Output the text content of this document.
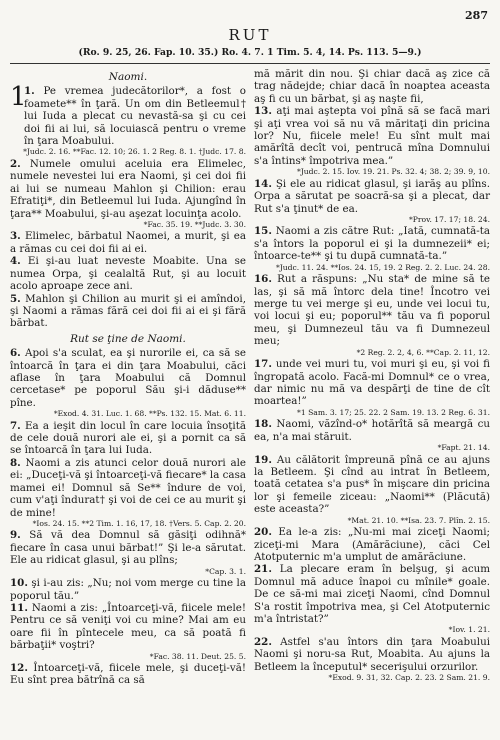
287
RUT
(Ro. 9. 25, 26. Fap. 10. 35.) Ro. 4. 7. 1 Tim. 5. 4, 14. Ps. 113. 5—9.)
Naomi.

1
1. Pe vremea judecătorilor*, a fost o foamete** în ţară. Un om din Betleemul† lui Iuda a plecat cu nevastă-sa şi cu cei doi fii ai lui, să locuiască pentru o vreme în ţara Moabului.

*Judc. 2. 16. **Fac. 12. 10; 26. 1. 2 Reg. 8. 1. †Judc. 17. 8.

2. Numele omului aceluia era Elimelec, numele nevestei lui era Naomi, şi cei doi fii ai lui se numeau Mahlon şi Chilion: erau Efratiţi*, din Betleemul lui Iuda. Ajungînd în ţara** Moabului, şi-au aşezat locuinţa acolo.

*Fac. 35. 19. **Judc. 3. 30.

3. Elimelec, bărbatul Naomei, a murit, şi ea a rămas cu cei doi fii ai ei.

4. Ei şi-au luat neveste Moabite. Una se numea Orpa, şi cealaltă Rut, şi au locuit acolo aproape zece ani.

5. Mahlon şi Chilion au murit şi ei amîndoi, şi Naomi a rămas fără cei doi fii ai ei şi fără bărbat.

Rut se ţine de Naomi.

6. Apoi s'a sculat, ea şi nurorile ei, ca să se întoarcă în ţara ei din ţara Moabului, căci aflase în ţara Moabului că Domnul cercetase* pe poporul Său şi-i dăduse** pîne.

*Exod. 4. 31. Luc. 1. 68. **Ps. 132. 15. Mat. 6. 11.

7. Ea a ieşit din locul în care locuia însoţită de cele două nurori ale ei, şi a pornit ca să se întoarcă în ţara lui Iuda.

8. Naomi a zis atunci celor două nurori ale ei: „Duceţi-vă şi întoarceţi-vă fiecare* la casa mamei ei! Domnul să Se** îndure de voi, cum v'aţi îndurat† şi voi de cei ce au murit şi de mine!

*Ios. 24. 15. **2 Tim. 1. 16, 17, 18. †Vers. 5. Cap. 2. 20.

9. Să vă dea Domnul să găsiţi odihnă* fiecare în casa unui bărbat!” Şi le-a sărutat. Ele au ridicat glasul, şi au plîns;

*Cap. 3. 1.

10. şi i-au zis: „Nu; noi vom merge cu tine la poporul tău.”

11. Naomi a zis: „Întoarceţi-vă, fiicele mele! Pentru ce să veniţi voi cu mine? Mai am eu oare fii în pîntecele meu, ca să poată fi bărbaţii* voştri?

*Fac. 38. 11. Deut. 25. 5.

12. Întoarceţi-vă, fiicele mele, şi duceţi-vă! Eu sînt prea bătrînă ca să

mă mărit din nou. Şi chiar dacă aş zice că trag nădejde; chiar dacă în noaptea aceasta aş fi cu un bărbat, şi aş naşte fii,

13. aţi mai aştepta voi pînă să se facă mari şi aţi vrea voi să nu vă măritaţi din pricina lor? Nu, fiicele mele! Eu sînt mult mai amărîtă decît voi, pentrucă mîna Domnului s'a întins* împotriva mea.”

*Judc. 2. 15. Iov. 19. 21. Ps. 32. 4; 38. 2; 39. 9, 10.

14. Şi ele au ridicat glasul, şi iarăş au plîns. Orpa a sărutat pe soacră-sa şi a plecat, dar Rut s'a ţinut* de ea.

*Prov. 17. 17; 18. 24.

15. Naomi a zis către Rut: „Iată, cumnată-ta s'a întors la poporul ei şi la dumnezeii* ei; întoarce-te** şi tu după cumnată-ta.”

*Judc. 11. 24. **Ios. 24. 15, 19. 2 Reg. 2. 2. Luc. 24. 28.

16. Rut a răspuns: „Nu sta* de mine să te las, şi să mă întorc dela tine! Încotro vei merge tu vei merge şi eu, unde vei locui tu, voi locui şi eu; poporul** tău va fi poporul meu, şi Dumnezeul tău va fi Dumnezeul meu;

*2 Reg. 2. 2, 4, 6. **Cap. 2. 11, 12.

17. unde vei muri tu, voi muri şi eu, şi voi fi îngropată acolo. Facă-mi Domnul* ce o vrea, dar nimic nu mă va despărţi de tine de cît moartea!”

*1 Sam. 3. 17; 25. 22. 2 Sam. 19. 13. 2 Reg. 6. 31.

18. Naomi, văzînd-o* hotărîtă să meargă cu ea, n'a mai stăruit.

*Fapt. 21. 14.

19. Au călătorit împreună pînă ce au ajuns la Betleem. Şi cînd au intrat în Betleem, toată cetatea s'a pus* în mişcare din pricina lor şi femeile ziceau: „Naomi** (Plăcută) este aceasta?”

*Mat. 21. 10. **Isa. 23. 7. Plîn. 2. 15.

20. Ea le-a zis: „Nu-mi mai ziceţi Naomi; ziceţi-mi Mara (Amărăciune), căci Cel Atotputernic m'a umplut de amărăciune.

21. La plecare eram în belşug, şi acum Domnul mă aduce înapoi cu mînile* goale. De ce să-mi mai ziceţi Naomi, cînd Domnul S'a rostit împotriva mea, şi Cel Atotputernic m'a întristat?”

*Iov. 1. 21.

22. Astfel s'au întors din ţara Moabului Naomi şi noru-sa Rut, Moabita. Au ajuns la Betleem la începutul* secerişului orzurilor.

*Exod. 9. 31, 32. Cap. 2. 23. 2 Sam. 21. 9.
